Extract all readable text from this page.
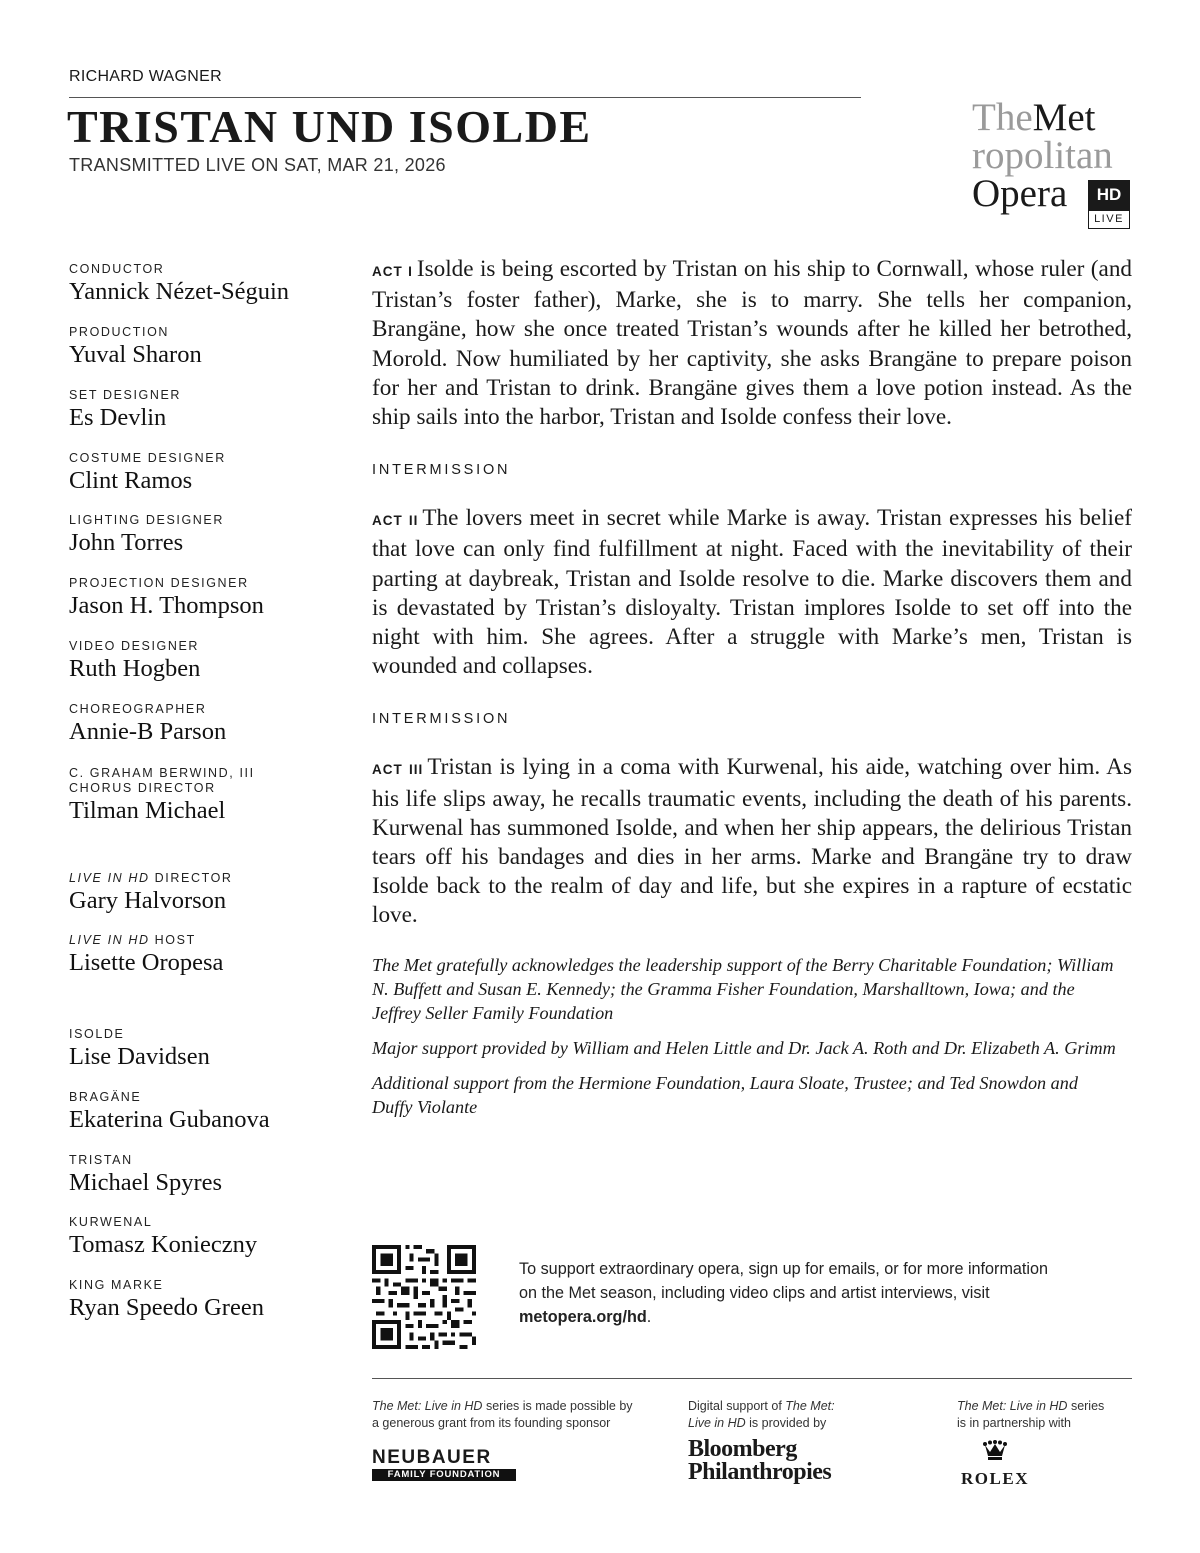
RICHARD WAGNER
TRISTAN UND ISOLDE
TRANSMITTED LIVE ON SAT, MAR 21, 2026
TheMet
ropolitan
Opera	HD
LIVE
CONDUCTOR
Yannick Nézet-Séguin
PRODUCTION
Yuval Sharon
SET DESIGNER
Es Devlin
COSTUME DESIGNER
Clint Ramos
LIGHTING DESIGNER
John Torres
PROJECTION DESIGNER
Jason H. Thompson
VIDEO DESIGNER
Ruth Hogben
CHOREOGRAPHER
Annie-B Parson
C. GRAHAM BERWIND, III
CHORUS DIRECTOR
Tilman Michael
LIVE IN HD DIRECTOR
Gary Halvorson
LIVE IN HD HOST
Lisette Oropesa
ISOLDE
Lise Davidsen
BRAGÄNE
Ekaterina Gubanova
TRISTAN
Michael Spyres
KURWENAL
Tomasz Konieczny
KING MARKE
Ryan Speedo Green

ACT I Isolde is being escorted by Tristan on his ship to Cornwall, whose ruler (and Tristan’s foster father), Marke, she is to marry. She tells her companion, Brangäne, how she once treated Tristan’s wounds after he killed her betrothed, Morold. Now humiliated by her captivity, she asks Brangäne to prepare poison for her and Tristan to drink. Brangäne gives them a love potion instead. As the ship sails into the harbor, Tristan and Isolde confess their love.

INTERMISSION

ACT II The lovers meet in secret while Marke is away. Tristan expresses his belief that love can only find fulfillment at night. Faced with the inevitability of their parting at daybreak, Tristan and Isolde resolve to die. Marke discovers them and is devastated by Tristan’s disloyalty. Tristan implores Isolde to set off into the night with him. She agrees. After a struggle with Marke’s men, Tristan is wounded and collapses.

INTERMISSION

ACT III Tristan is lying in a coma with Kurwenal, his aide, watching over him. As his life slips away, he recalls traumatic events, including the death of his parents. Kurwenal has summoned Isolde, and when her ship appears, the delirious Tristan tears off his bandages and dies in her arms. Marke and Brangäne try to draw Isolde back to the realm of day and life, but she expires in a rapture of ecstatic love.

The Met gratefully acknowledges the leadership support of the Berry Charitable Foundation; William N. Buffett and Susan E. Kennedy; the Gramma Fisher Foundation, Marshalltown, Iowa; and the Jeffrey Seller Family Foundation

Major support provided by William and Helen Little and Dr. Jack A. Roth and Dr. Elizabeth A. Grimm

Additional support from the Hermione Foundation, Laura Sloate, Trustee; and Ted Snowdon and Duffy Violante

To support extraordinary opera, sign up for emails, or for more information on the Met season, including video clips and artist interviews, visit metopera.org/hd.
The Met: Live in HD series is made possible by
a generous grant from its founding sponsor
NEUBAUER
FAMILY FOUNDATION
Digital support of The Met:
Live in HD is provided by
Bloomberg
Philanthropies
The Met: Live in HD series
is in partnership with
ROLEX
